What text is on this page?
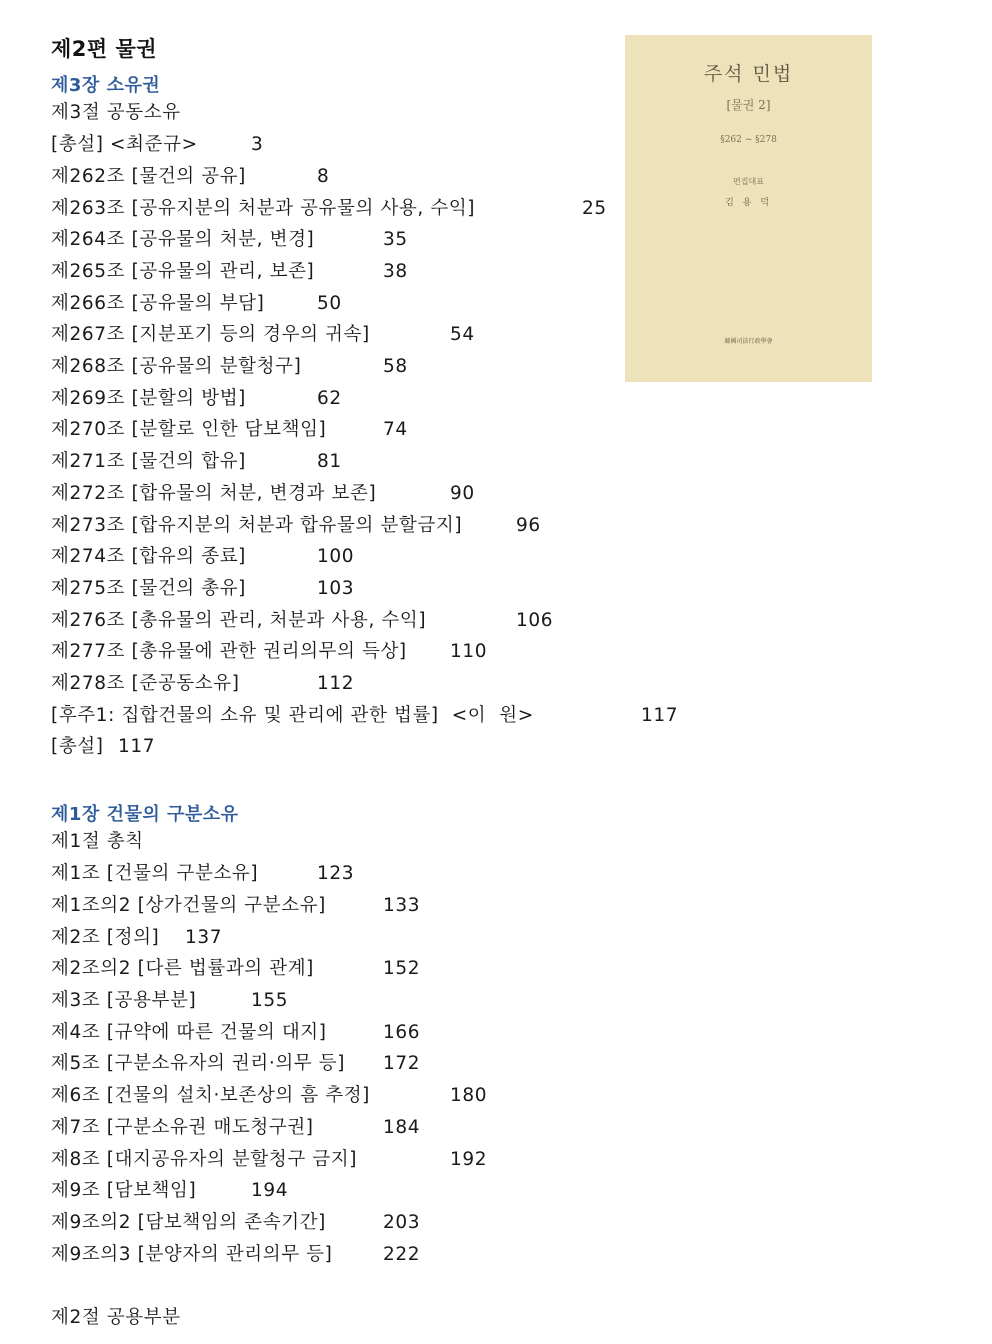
제2편 물권
제3장 소유권
제3절 공동소유
[총설] <최준규>	3
제262조 [물건의 공유]	8
제263조 [공유지분의 처분과 공유물의 사용, 수익]	25
제264조 [공유물의 처분, 변경]	35
제265조 [공유물의 관리, 보존]	38
제266조 [공유물의 부담]	50
제267조 [지분포기 등의 경우의 귀속]	54
제268조 [공유물의 분할청구]	58
제269조 [분할의 방법]	62
제270조 [분할로 인한 담보책임]	74
제271조 [물건의 합유]	81
제272조 [합유물의 처분, 변경과 보존]	90
제273조 [합유지분의 처분과 합유물의 분할금지]	96
제274조 [합유의 종료]	100
제275조 [물건의 총유]	103
제276조 [총유물의 관리, 처분과 사용, 수익]	106
제277조 [총유물에 관한 권리의무의 득상] 110
제278조 [준공동소유]	112
[후주1: 집합건물의 소유 및 관리에 관한 법률]  <이  원>	117
[총설] 117
제1장 건물의 구분소유
제1절 총칙
제1조 [건물의 구분소유]	123
제1조의2 [상가건물의 구분소유]	133
제2조 [정의] 137
제2조의2 [다른 법률과의 관계]	152
제3조 [공용부분]	155
제4조 [규약에 따른 건물의 대지]	166
제5조 [구분소유자의 권리·의무 등] 172
제6조 [건물의 설치·보존상의 흠 추정]	180
제7조 [구분소유권 매도청구권]	184
제8조 [대지공유자의 분할청구 금지]	192
제9조 [담보책임]	194
제9조의2 [담보책임의 존속기간]	203
제9조의3 [분양자의 관리의무 등]	222
제2절 공용부분
주석 민법
[물권 2]
§262 ~ §278
편집대표
김 용 덕
韓國司法行政學會
